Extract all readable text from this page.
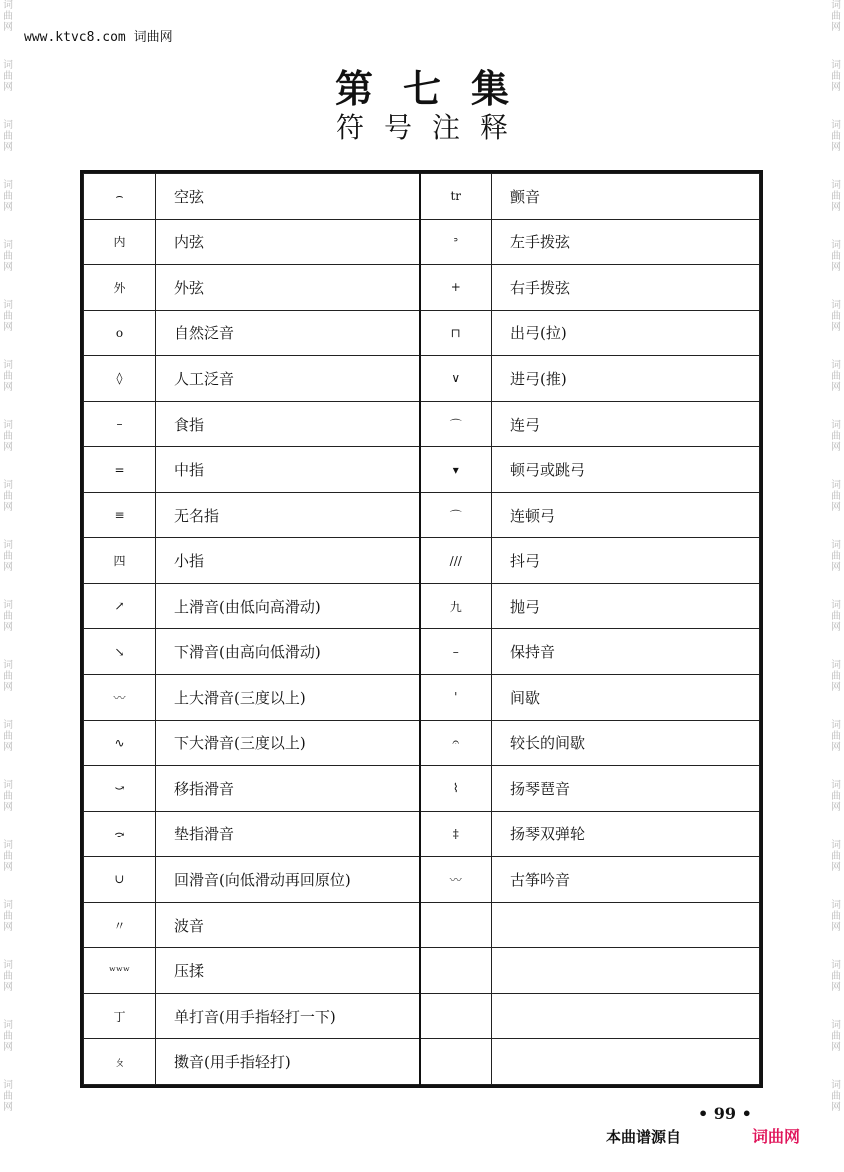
词
曲
网
词
曲
网
词
曲
网
词
曲
网
词
曲
网
词
曲
网
词
曲
网
词
曲
网
词
曲
网
词
曲
网
词
曲
网
词
曲
网
词
曲
网
词
曲
网
词
曲
网
词
曲
网
词
曲
网
词
曲
网
词
曲
网
词
曲
网
词
曲
网
词
曲
网
词
曲
网
词
曲
网
词
曲
网
词
曲
网
词
曲
网
词
曲
网
词
曲
网
词
曲
网
词
曲
网
词
曲
网
词
曲
网
词
曲
网
词
曲
网
词
曲
网
词
曲
网
词
曲
网
www.ktvc8.com 词曲网
第七集
符号注释
⌢	空弦	tr	颤音
内	内弦	ᐣ	左手拨弦
外	外弦	+	右手拨弦
o	自然泛音	⊓	出弓(拉)
◊	人工泛音	∨	进弓(推)
–	食指	⌒	连弓
=	中指	▾	顿弓或跳弓
≡	无名指	⌒	连顿弓
四	小指	///	抖弓
↗	上滑音(由低向高滑动)	九	抛弓
↘	下滑音(由高向低滑动)	–	保持音
〰	上大滑音(三度以上)	'	间歇
∿	下大滑音(三度以上)	𝄐	较长的间歇
⤻	移指滑音	⌇	扬琴琶音
⤼	垫指滑音	‡	扬琴双弹轮
∪	回滑音(向低滑动再回原位)	〰	古筝吟音
〃	波音		
ʷʷʷ	压揉		
丁	单打音(用手指轻打一下)		
ㄆ	擞音(用手指轻打)		
• 99 •
本曲谱源自	词曲网
